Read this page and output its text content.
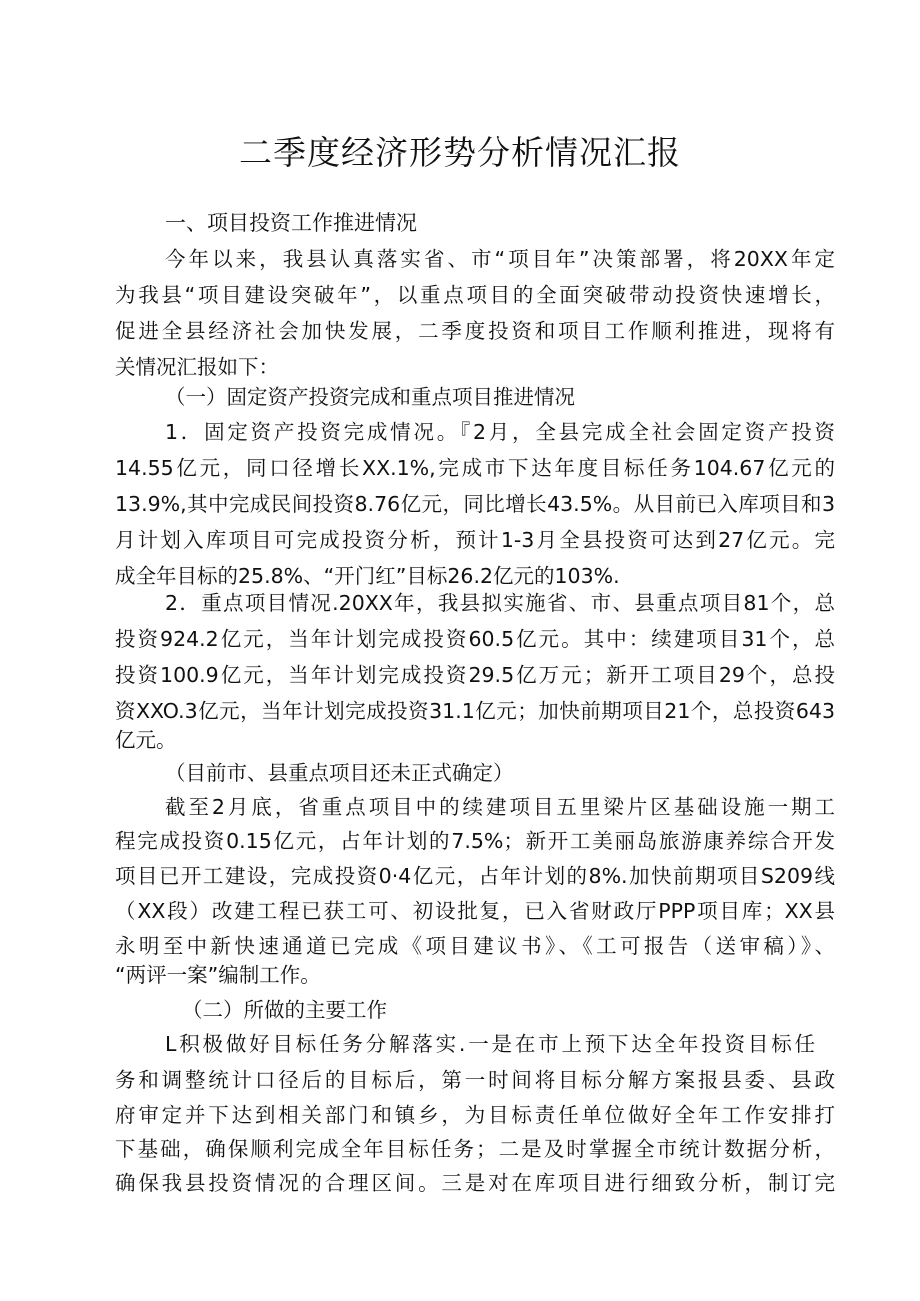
二季度经济形势分析情况汇报
一、项目投资工作推进情况
今年以来，我县认真落实省、市“项目年”决策部署，将20XX年定
为我县“项目建设突破年”，以重点项目的全面突破带动投资快速增长，
促进全县经济社会加快发展，二季度投资和项目工作顺利推进，现将有
关情况汇报如下：
（一）固定资产投资完成和重点项目推进情况
1．固定资产投资完成情况。『2月，全县完成全社会固定资产投资
14.55亿元，同口径增长XX.1%,完成市下达年度目标任务104.67亿元的
13.9%,其中完成民间投资8.76亿元，同比增长43.5%。从目前已入库项目和3
月计划入库项目可完成投资分析，预计1-3月全县投资可达到27亿元。完
成全年目标的25.8%、“开门红”目标26.2亿元的103%.
2．重点项目情况.20XX年，我县拟实施省、市、县重点项目81个，总
投资924.2亿元，当年计划完成投资60.5亿元。其中：续建项目31个，总
投资100.9亿元，当年计划完成投资29.5亿万元；新开工项目29个，总投
资XXO.3亿元，当年计划完成投资31.1亿元；加快前期项目21个，总投资643
亿元。
（目前市、县重点项目还未正式确定）
截至2月底，省重点项目中的续建项目五里梁片区基础设施一期工
程完成投资0.15亿元，占年计划的7.5%；新开工美丽岛旅游康养综合开发
项目已开工建设，完成投资0·4亿元，占年计划的8%.加快前期项目S209线
（XX段）改建工程已获工可、初设批复，已入省财政厅PPP项目库；XX县
永明至中新快速通道已完成《项目建议书》、《工可报告（送审稿）》、
“两评一案”编制工作。
（二）所做的主要工作
L积极做好目标任务分解落实.一是在市上预下达全年投资目标任
务和调整统计口径后的目标后，第一时间将目标分解方案报县委、县政
府审定并下达到相关部门和镇乡，为目标责任单位做好全年工作安排打
下基础，确保顺利完成全年目标任务；二是及时掌握全市统计数据分析，
确保我县投资情况的合理区间。三是对在库项目进行细致分析，制订完
